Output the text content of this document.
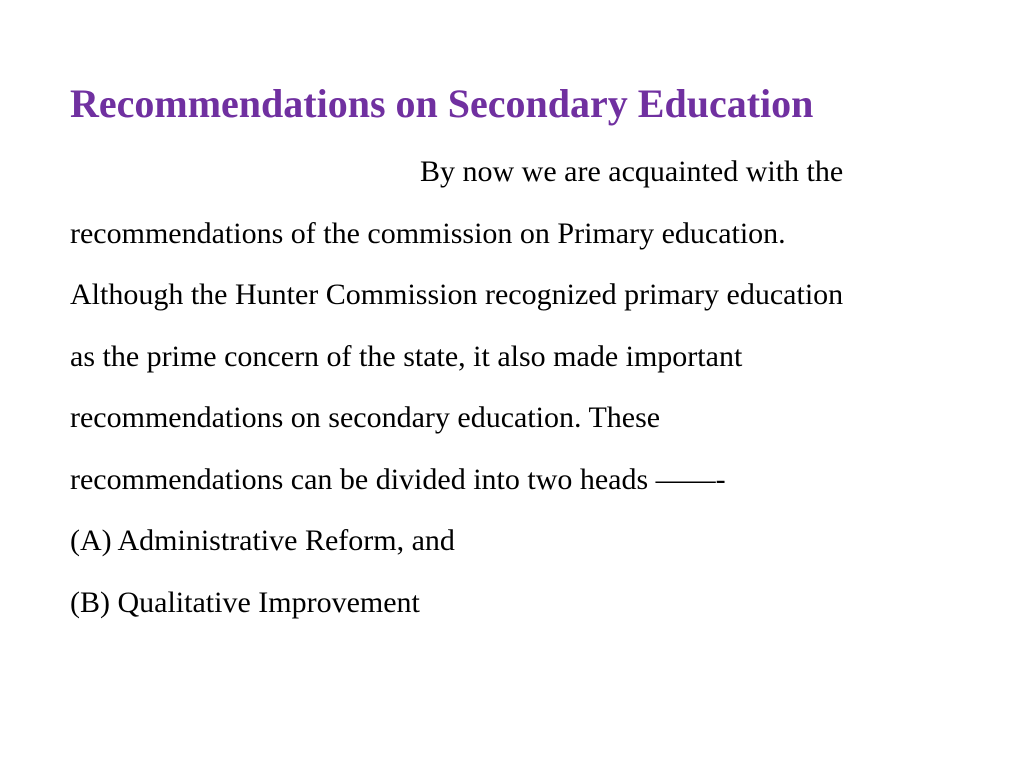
Recommendations on Secondary Education
By now we are acquainted with the
recommendations of the commission on Primary education.
Although the Hunter Commission recognized primary education
as the prime concern of the state, it also made important
recommendations on secondary education. These
recommendations can be divided into two heads ——-
(A) Administrative Reform, and
(B) Qualitative Improvement
